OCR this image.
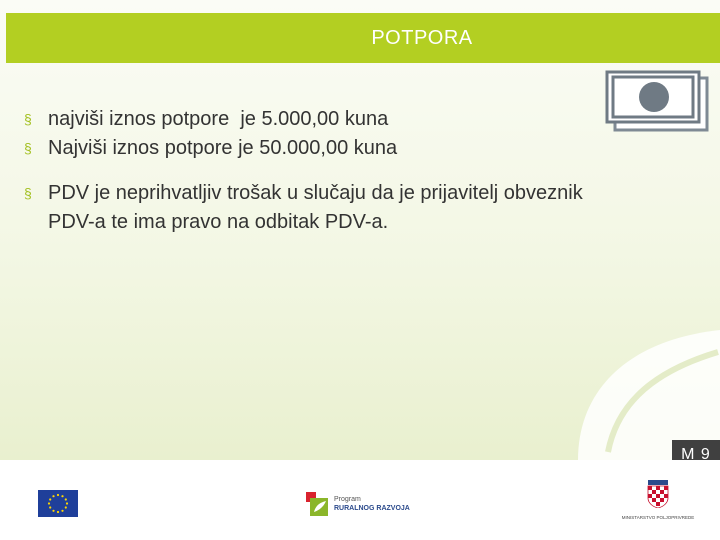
POTPORA
§ najviši iznos potpore  je 5.000,00 kuna
§ Najviši iznos potpore je 50.000,00 kuna
§ PDV je neprihvatljiv trošak u slučaju da je prijavitelj obveznik PDV-a te ima pravo na odbitak PDV-a.
M 9
Program
RURALNOG RAZVOJA
MINISTARSTVO POLJOPRIVREDE
